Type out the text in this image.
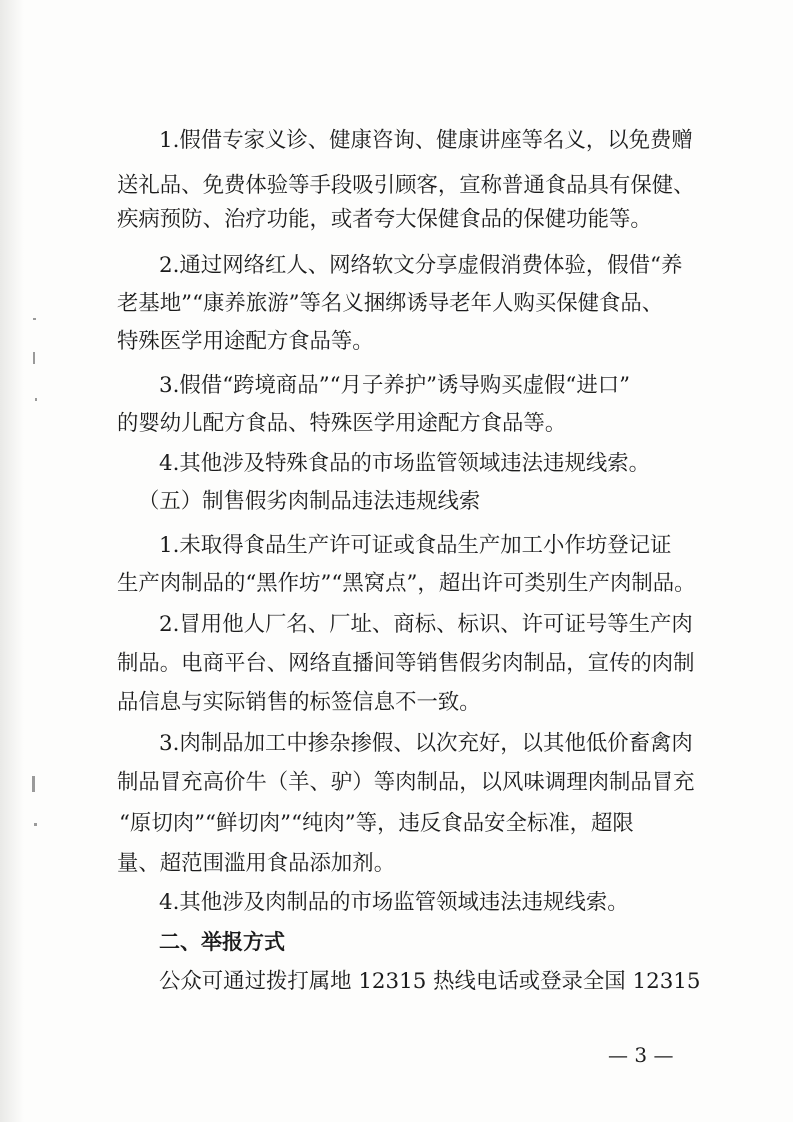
1.假借专家义诊、健康咨询、健康讲座等名义，以免费赠
送礼品、免费体验等手段吸引顾客，宣称普通食品具有保健、
疾病预防、治疗功能，或者夸大保健食品的保健功能等。
2.通过网络红人、网络软文分享虚假消费体验，假借“养
老基地”“康养旅游”等名义捆绑诱导老年人购买保健食品、
特殊医学用途配方食品等。
3.假借“跨境商品”“月子养护”诱导购买虚假“进口”
的婴幼儿配方食品、特殊医学用途配方食品等。
4.其他涉及特殊食品的市场监管领域违法违规线索。
（五）制售假劣肉制品违法违规线索
1.未取得食品生产许可证或食品生产加工小作坊登记证
生产肉制品的“黑作坊”“黑窝点”，超出许可类别生产肉制品。
2.冒用他人厂名、厂址、商标、标识、许可证号等生产肉
制品。电商平台、网络直播间等销售假劣肉制品，宣传的肉制
品信息与实际销售的标签信息不一致。
3.肉制品加工中掺杂掺假、以次充好，以其他低价畜禽肉
制品冒充高价牛（羊、驴）等肉制品，以风味调理肉制品冒充
“原切肉”“鲜切肉”“纯肉”等，违反食品安全标准，超限
量、超范围滥用食品添加剂。
4.其他涉及肉制品的市场监管领域违法违规线索。
二、举报方式
公众可通过拨打属地 12315 热线电话或登录全国 12315
— 3 —
